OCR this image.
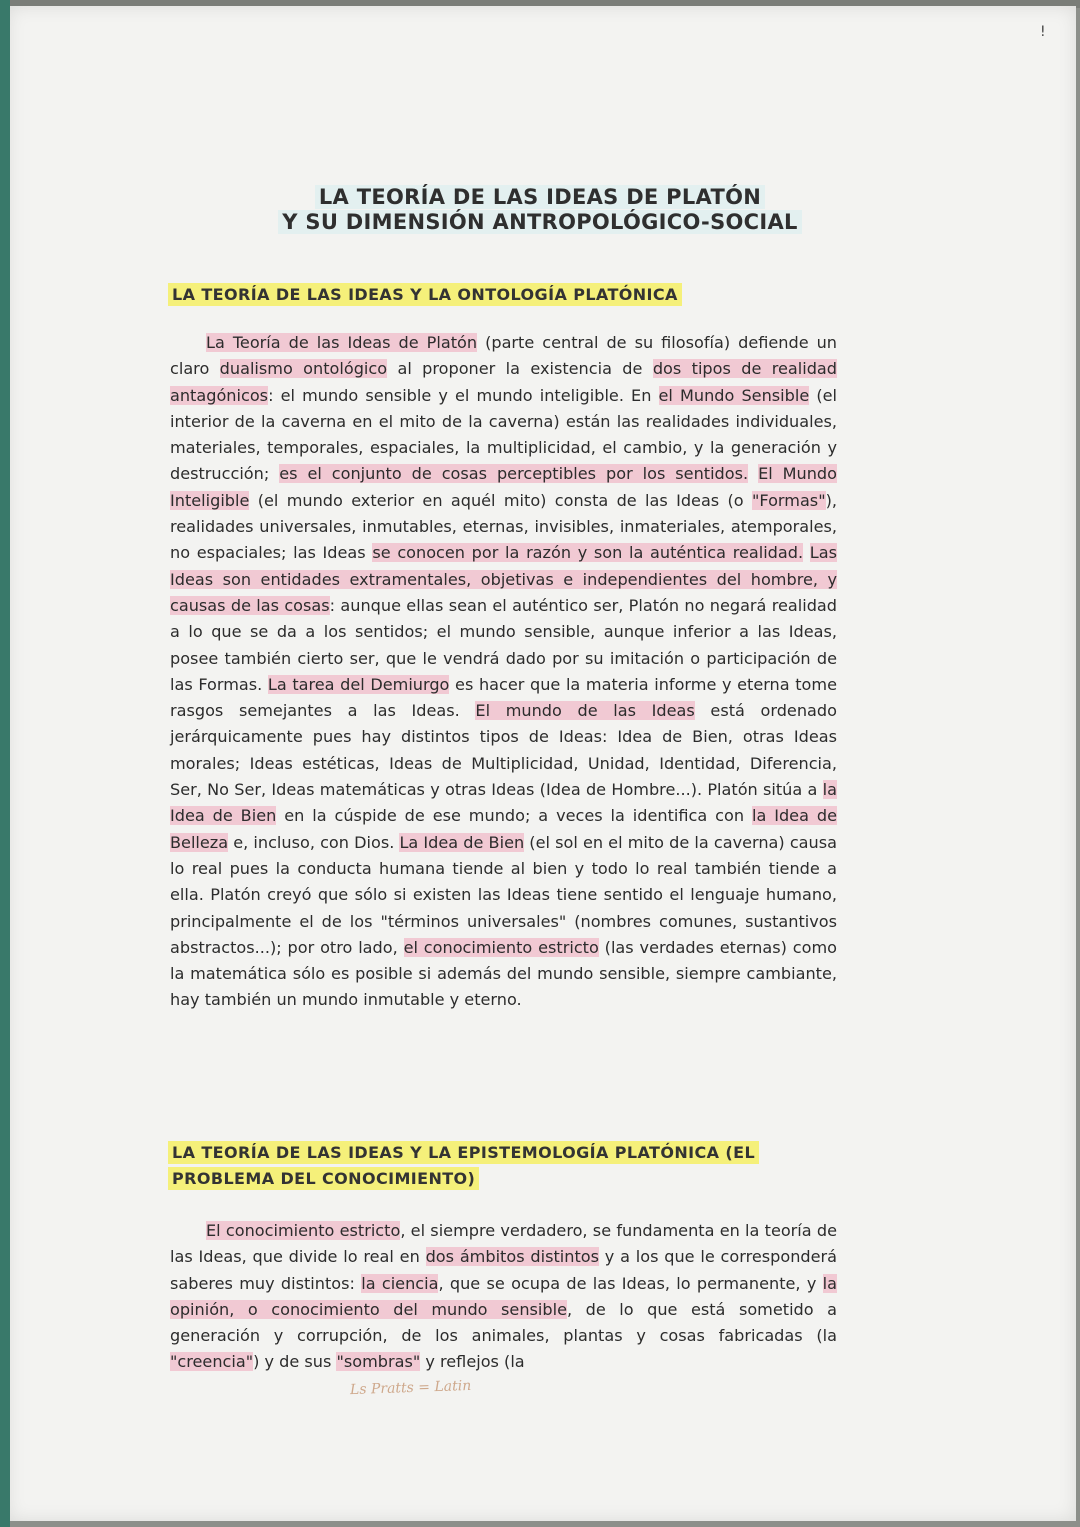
!
LA TEORÍA DE LAS IDEAS DE PLATÓN
Y SU DIMENSIÓN ANTROPOLÓGICO-SOCIAL
LA TEORÍA DE LAS IDEAS Y LA ONTOLOGÍA PLATÓNICA
La Teoría de las Ideas de Platón (parte central de su filosofía) defiende un claro dualismo ontológico al proponer la existencia de dos tipos de realidad antagónicos: el mundo sensible y el mundo inteligible. En el Mundo Sensible (el interior de la caverna en el mito de la caverna) están las realidades individuales, materiales, temporales, espaciales, la multiplicidad, el cambio, y la generación y destrucción; es el conjunto de cosas perceptibles por los sentidos. El Mundo Inteligible (el mundo exterior en aquél mito) consta de las Ideas (o "Formas"), realidades universales, inmutables, eternas, invisibles, inmateriales, atemporales, no espaciales; las Ideas se conocen por la razón y son la auténtica realidad. Las Ideas son entidades extramentales, objetivas e independientes del hombre, y causas de las cosas: aunque ellas sean el auténtico ser, Platón no negará realidad a lo que se da a los sentidos; el mundo sensible, aunque inferior a las Ideas, posee también cierto ser, que le vendrá dado por su imitación o participación de las Formas. La tarea del Demiurgo es hacer que la materia informe y eterna tome rasgos semejantes a las Ideas. El mundo de las Ideas está ordenado jerárquicamente pues hay distintos tipos de Ideas: Idea de Bien, otras Ideas morales; Ideas estéticas, Ideas de Multiplicidad, Unidad, Identidad, Diferencia, Ser, No Ser, Ideas matemáticas y otras Ideas (Idea de Hombre...). Platón sitúa a la Idea de Bien en la cúspide de ese mundo; a veces la identifica con la Idea de Belleza e, incluso, con Dios. La Idea de Bien (el sol en el mito de la caverna) causa lo real pues la conducta humana tiende al bien y todo lo real también tiende a ella. Platón creyó que sólo si existen las Ideas tiene sentido el lenguaje humano, principalmente el de los "términos universales" (nombres comunes, sustantivos abstractos...); por otro lado, el conocimiento estricto (las verdades eternas) como la matemática sólo es posible si además del mundo sensible, siempre cambiante, hay también un mundo inmutable y eterno.
LA TEORÍA DE LAS IDEAS Y LA EPISTEMOLOGÍA PLATÓNICA (EL PROBLEMA DEL CONOCIMIENTO)
El conocimiento estricto, el siempre verdadero, se fundamenta en la teoría de las Ideas, que divide lo real en dos ámbitos distintos y a los que le corresponderá saberes muy distintos: la ciencia, que se ocupa de las Ideas, lo permanente, y la opinión, o conocimiento del mundo sensible, de lo que está sometido a generación y corrupción, de los animales, plantas y cosas fabricadas (la "creencia") y de sus "sombras" y reflejos (la
Ls Pratts = Latin
